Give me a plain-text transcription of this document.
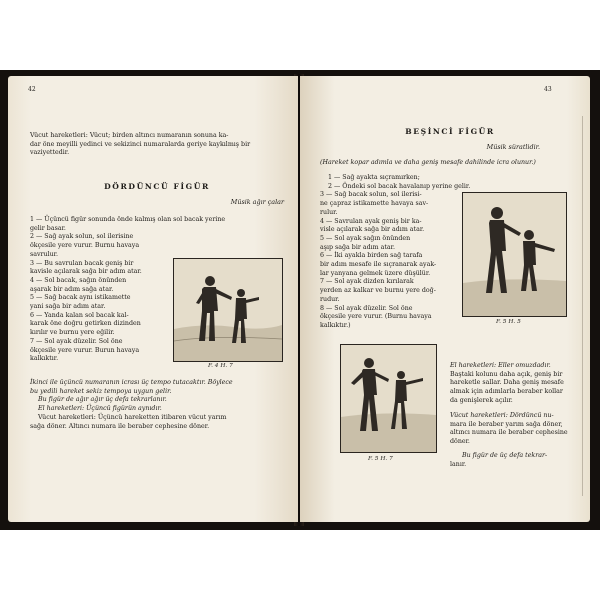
42
Vücut hareketleri: Vücut; birden altıncı numaranın sonuna ka-
dar öne meyilli yedinci ve sekizinci numaralarda geriye kaykılmış bir
vaziyettedir.
DÖRDÜNCÜ FİGÜR
Müsik ağır çalar
1 — Üçüncü figür sonunda önde kalmış olan sol bacak yerine
gelir basar.
2 — Sağ ayak solun, sol ilerisine
ökçesile yere vurur. Burnu havaya
savrulur.
3 — Bu savrulan bacak geniş bir
kavisle açılarak sağa bir adım atar.
4 — Sol bacak, sağın önünden
aşarak bir adım sağa atar.
5 — Sağ bacak aynı istikamette
yani sağa bir adım atar.
6 — Yanda kalan sol bacak kal-
karak öne doğru getirken dizinden
kırılır ve burnu yere eğilir.
7 — Sol ayak düzelir. Sol öne
ökçesile yere vurur. Burun havaya
kalkıktır.
F. 4 H. 7
İkinci ile üçüncü numaranın icrası üç tempo tutacaktır. Böylece
bu yedili hareket sekiz tempoya uygun gelir.
Bu figür de ağır ağır üç defa tekrarlanır.
El hareketleri: Üçüncü figürün aynıdır.
Vücut hareketleri: Üçüncü hareketten itibaren vücut yarım
sağa döner. Altıncı numara ile beraber cephesine döner.
43
BEŞİNCİ FİGÜR
Müsik süratlidir.
(Hareket kopar adımla ve daha geniş mesafe dahilinde icra olunur.)
1 — Sağ ayakta sıçramırken;
2 — Öndeki sol bacak havalanıp yerine gelir.
3 — Sağ bacak solun, sol ilerisi-
ne çapraz istikamette havaya sav-
rulur.
4 — Savrulan ayak geniş bir ka-
visle açılarak sağa bir adım atar.
5 — Sol ayak sağın önünden
aşıp sağa bir adım atar.
6 — İki ayakla birden sağ tarafa
bir adım mesafe ile sıçranarak ayak-
lar yanyana gelmek üzere düşülür.
7 — Sol ayak dizden kırılarak
yerden az kalkar ve burnu yere doğ-
rudur.
8 — Sol ayak düzelir. Sol öne
ökçesile yere vurur. (Burnu havaya
kalkıktır.)	F. 5 H. 5
F. 5 H. 7
El hareketleri: Eller omuzdadır.
Baştaki kolunu daha açık, geniş bir
hareketle sallar. Daha geniş mesafe
almak için adımlarla beraber kollar
da genişlerek açılır.
Vücut hareketleri: Dördüncü nu-
mara ile beraber yarım sağa döner,
altıncı numara ile beraber cephesine
döner.
Bu figür de üç defa tekrar-
lanır.
